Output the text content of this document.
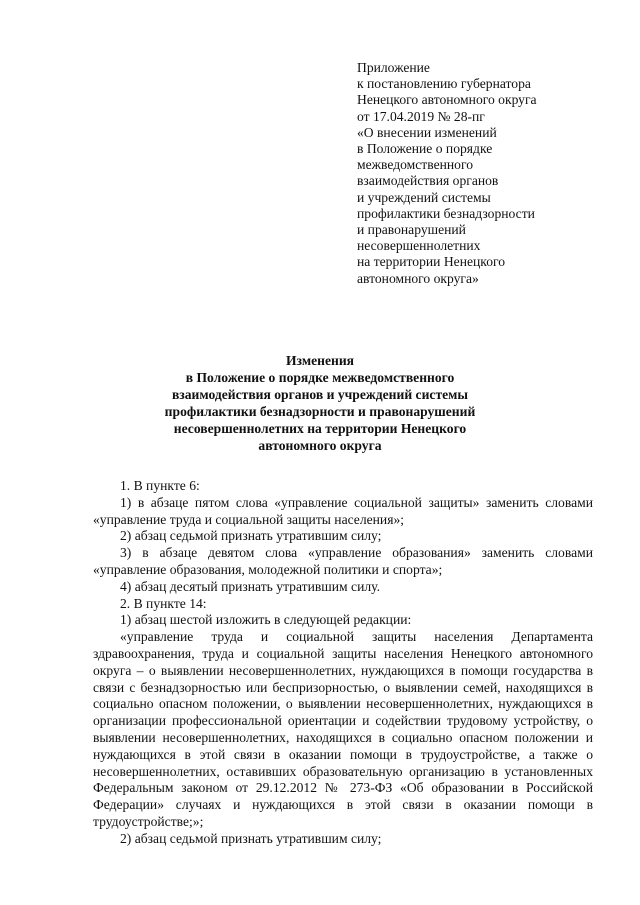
Приложение
к постановлению губернатора
Ненецкого автономного округа
от 17.04.2019 № 28-пг
«О внесении изменений
в Положение о порядке
межведомственного
взаимодействия органов
и учреждений системы
профилактики безнадзорности
и правонарушений
несовершеннолетних
на территории Ненецкого
автономного округа»
Изменения
в Положение о порядке межведомственного
взаимодействия органов и учреждений системы
профилактики безнадзорности и правонарушений
несовершеннолетних на территории Ненецкого
автономного округа

1. В пункте 6:

1) в абзаце пятом слова «управление социальной защиты» заменить словами «управление труда и социальной защиты населения»;

2) абзац седьмой признать утратившим силу;

3) в абзаце девятом слова «управление образования» заменить словами «управление образования, молодежной политики и спорта»;

4) абзац десятый признать утратившим силу.

2. В пункте 14:

1) абзац шестой изложить в следующей редакции:

«управление труда и социальной защиты населения Департамента здравоохранения, труда и социальной защиты населения Ненецкого автономного округа – о выявлении несовершеннолетних, нуждающихся в помощи государства в связи с безнадзорностью или беспризорностью, о выявлении семей, находящихся в социально опасном положении, о выявлении несовершеннолетних, нуждающихся в организации профессиональной ориентации и содействии трудовому устройству, о выявлении несовершеннолетних, находящихся в социально опасном положении и нуждающихся в этой связи в оказании помощи в трудоустройстве, а также о несовершеннолетних, оставивших образовательную организацию в установленных Федеральным законом от 29.12.2012 № 273-ФЗ «Об образовании в Российской Федерации» случаях и нуждающихся в этой связи в оказании помощи в трудоустройстве;»;

2) абзац седьмой признать утратившим силу;
